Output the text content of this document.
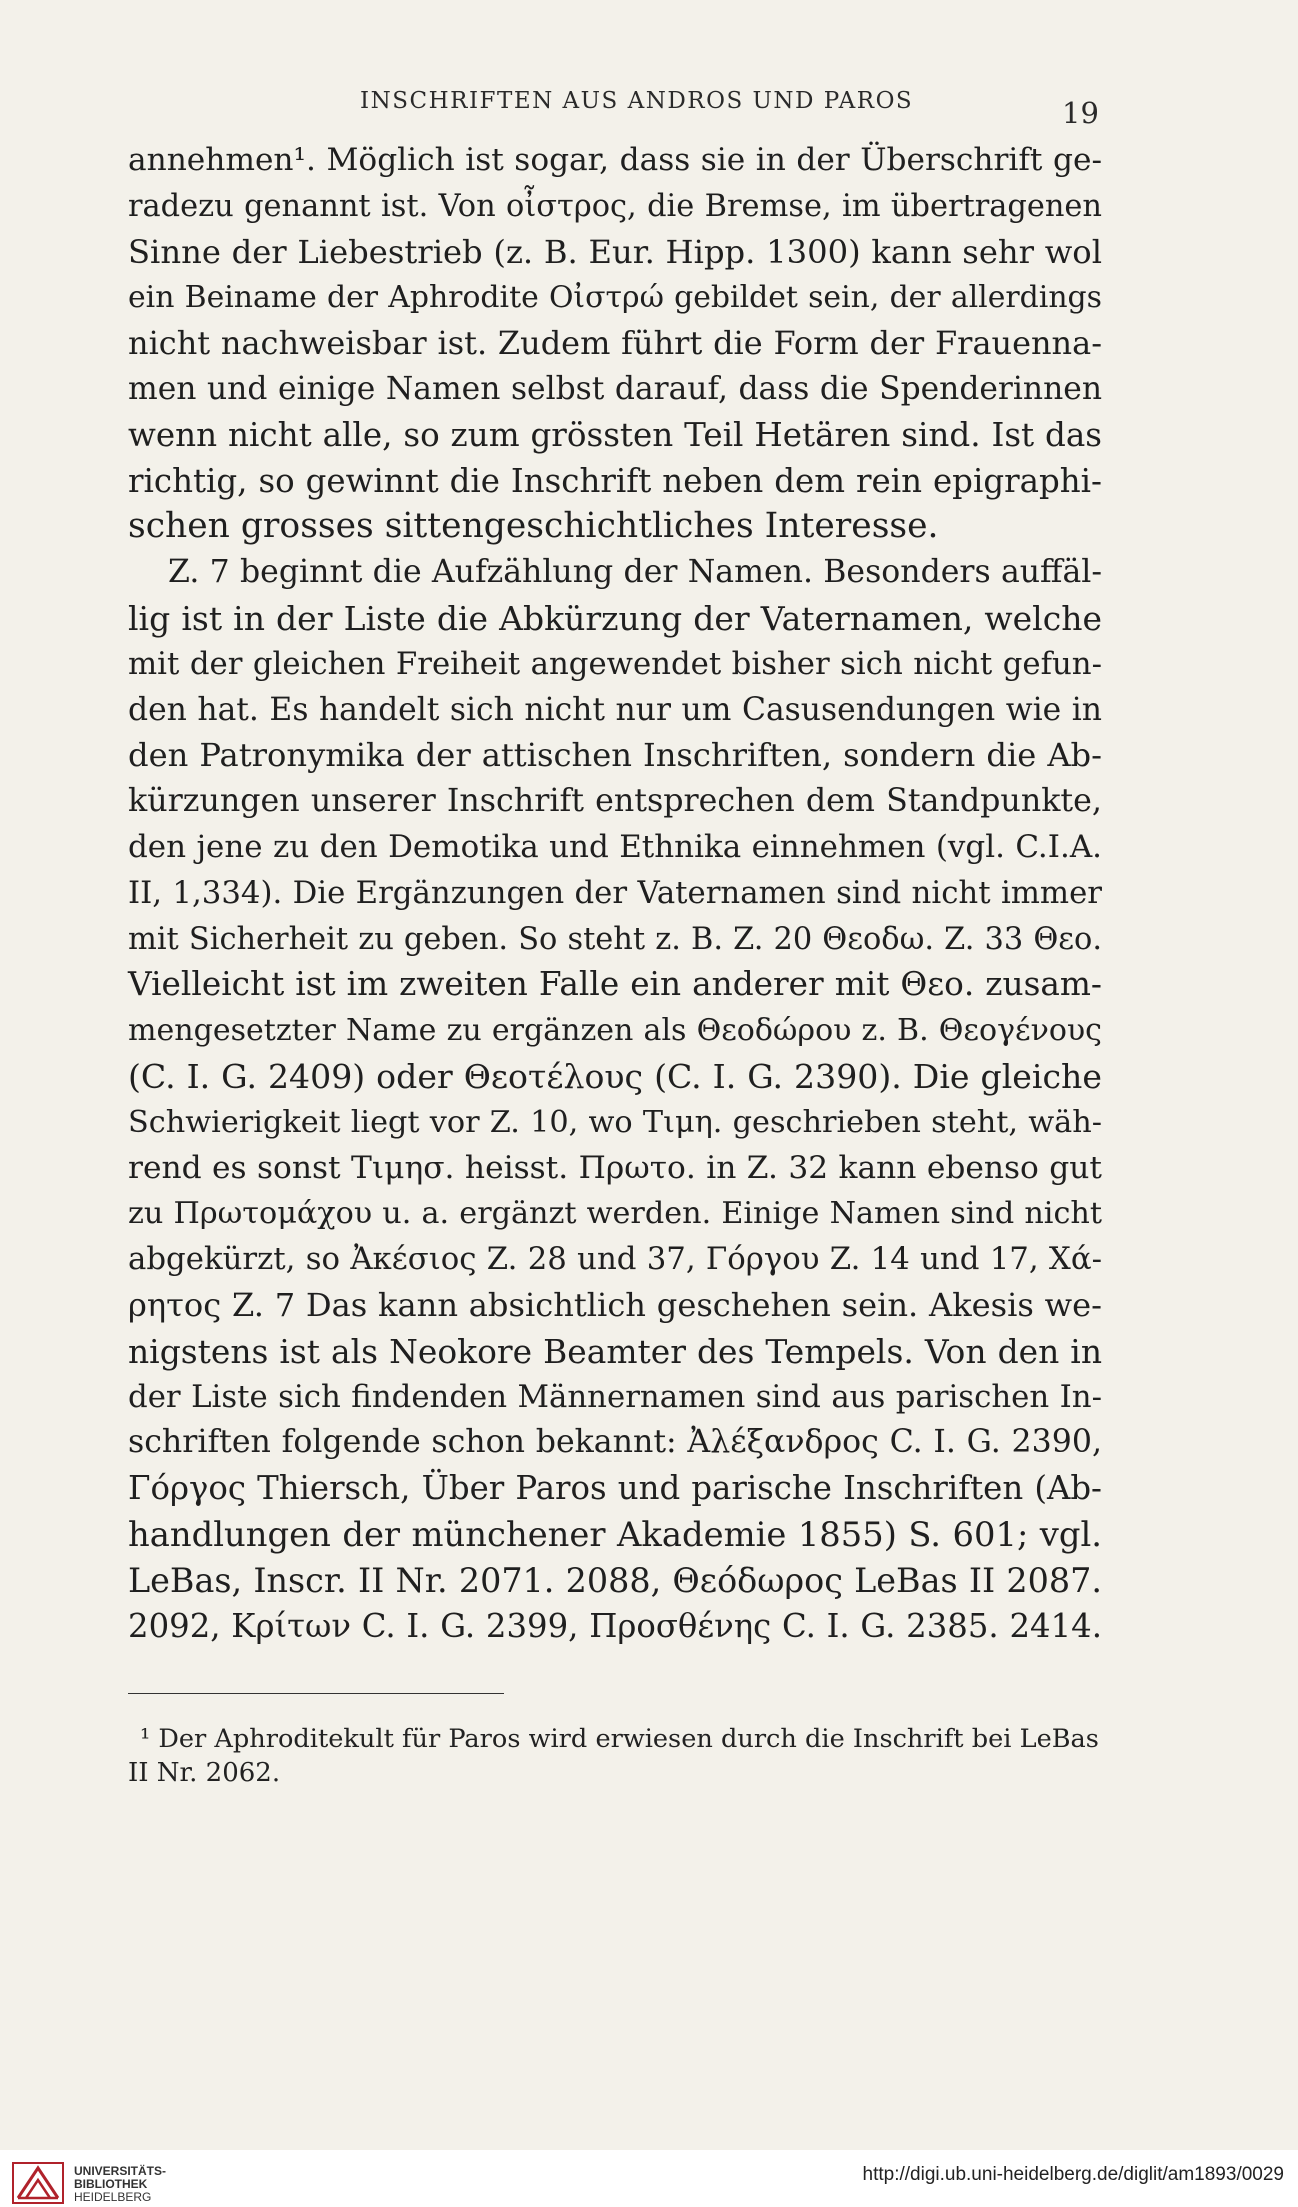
INSCHRIFTEN AUS ANDROS UND PAROS	19
annehmen¹. Möglich ist sogar, dass sie in der Überschrift ge-
radezu genannt ist. Von οἶστρος, die Bremse, im übertragenen
Sinne der Liebestrieb (z. B. Eur. Hipp. 1300) kann sehr wol
ein Beiname der Aphrodite Οἰστρώ gebildet sein, der allerdings
nicht nachweisbar ist. Zudem führt die Form der Frauenna-
men und einige Namen selbst darauf, dass die Spenderinnen
wenn nicht alle, so zum grössten Teil Hetären sind. Ist das
richtig, so gewinnt die Inschrift neben dem rein epigraphi-
schen grosses sittengeschichtliches Interesse.
Z. 7 beginnt die Aufzählung der Namen. Besonders auffäl-
lig ist in der Liste die Abkürzung der Vaternamen, welche
mit der gleichen Freiheit angewendet bisher sich nicht gefun-
den hat. Es handelt sich nicht nur um Casusendungen wie in
den Patronymika der attischen Inschriften, sondern die Ab-
kürzungen unserer Inschrift entsprechen dem Standpunkte,
den jene zu den Demotika und Ethnika einnehmen (vgl. C.I.A.
II, 1,334). Die Ergänzungen der Vaternamen sind nicht immer
mit Sicherheit zu geben. So steht z. B. Z. 20 Θεοδω. Z. 33 Θεο.
Vielleicht ist im zweiten Falle ein anderer mit Θεο. zusam-
mengesetzter Name zu ergänzen als Θεοδώρου z. B. Θεογένους
(C. I. G. 2409) oder Θεοτέλους (C. I. G. 2390). Die gleiche
Schwierigkeit liegt vor Z. 10, wo Τιμη. geschrieben steht, wäh-
rend es sonst Τιμησ. heisst. Πρωτο. in Z. 32 kann ebenso gut
zu Πρωτομάχου u. a. ergänzt werden. Einige Namen sind nicht
abgekürzt, so Ἀκέσιος Z. 28 und 37, Γόργου Z. 14 und 17, Χά-
ρητος Z. 7 Das kann absichtlich geschehen sein. Akesis we-
nigstens ist als Neokore Beamter des Tempels. Von den in
der Liste sich findenden Männernamen sind aus parischen In-
schriften folgende schon bekannt: Ἀλέξανδρος C. I. G. 2390,
Γόργος Thiersch, Über Paros und parische Inschriften (Ab-
handlungen der münchener Akademie 1855) S. 601; vgl.
LeBas, Inscr. II Nr. 2071. 2088, Θεόδωρος LeBas II 2087.
2092, Κρίτων C. I. G. 2399, Προσθένης C. I. G. 2385. 2414.
¹ Der Aphroditekult für Paros wird erwiesen durch die Inschrift bei LeBas
II Nr. 2062.
UNIVERSITÄTS-
BIBLIOTHEK
HEIDELBERG
http://digi.ub.uni-heidelberg.de/diglit/am1893/0029
